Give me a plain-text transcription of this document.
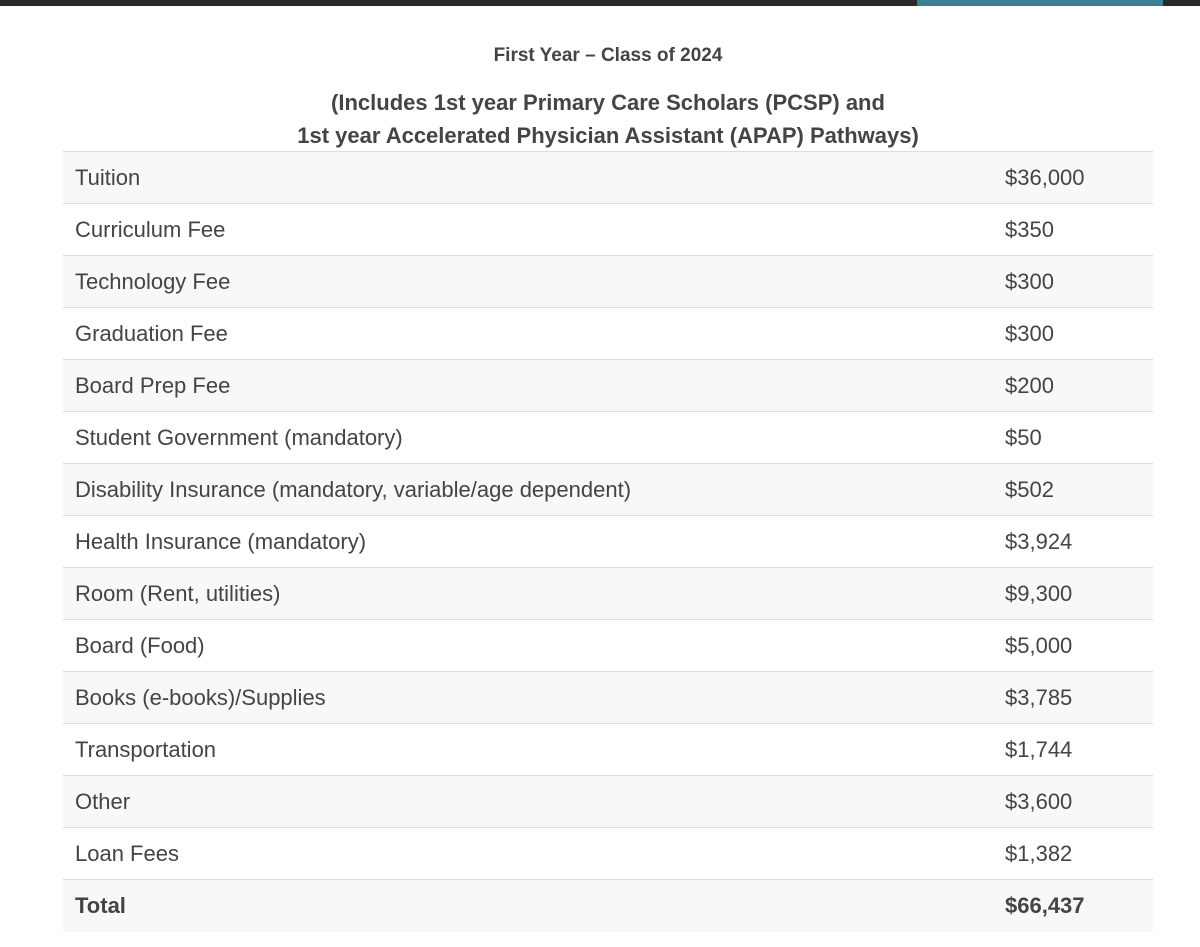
First Year – Class of 2024
(Includes 1st year Primary Care Scholars (PCSP) and
1st year Accelerated Physician Assistant (APAP) Pathways)
Tuition	$36,000
Curriculum Fee	$350
Technology Fee	$300
Graduation Fee	$300
Board Prep Fee	$200
Student Government (mandatory)	$50
Disability Insurance (mandatory, variable/age dependent)	$502
Health Insurance (mandatory)	$3,924
Room (Rent, utilities)	$9,300
Board (Food)	$5,000
Books (e-books)/Supplies	$3,785
Transportation	$1,744
Other	$3,600
Loan Fees	$1,382
Total	$66,437
